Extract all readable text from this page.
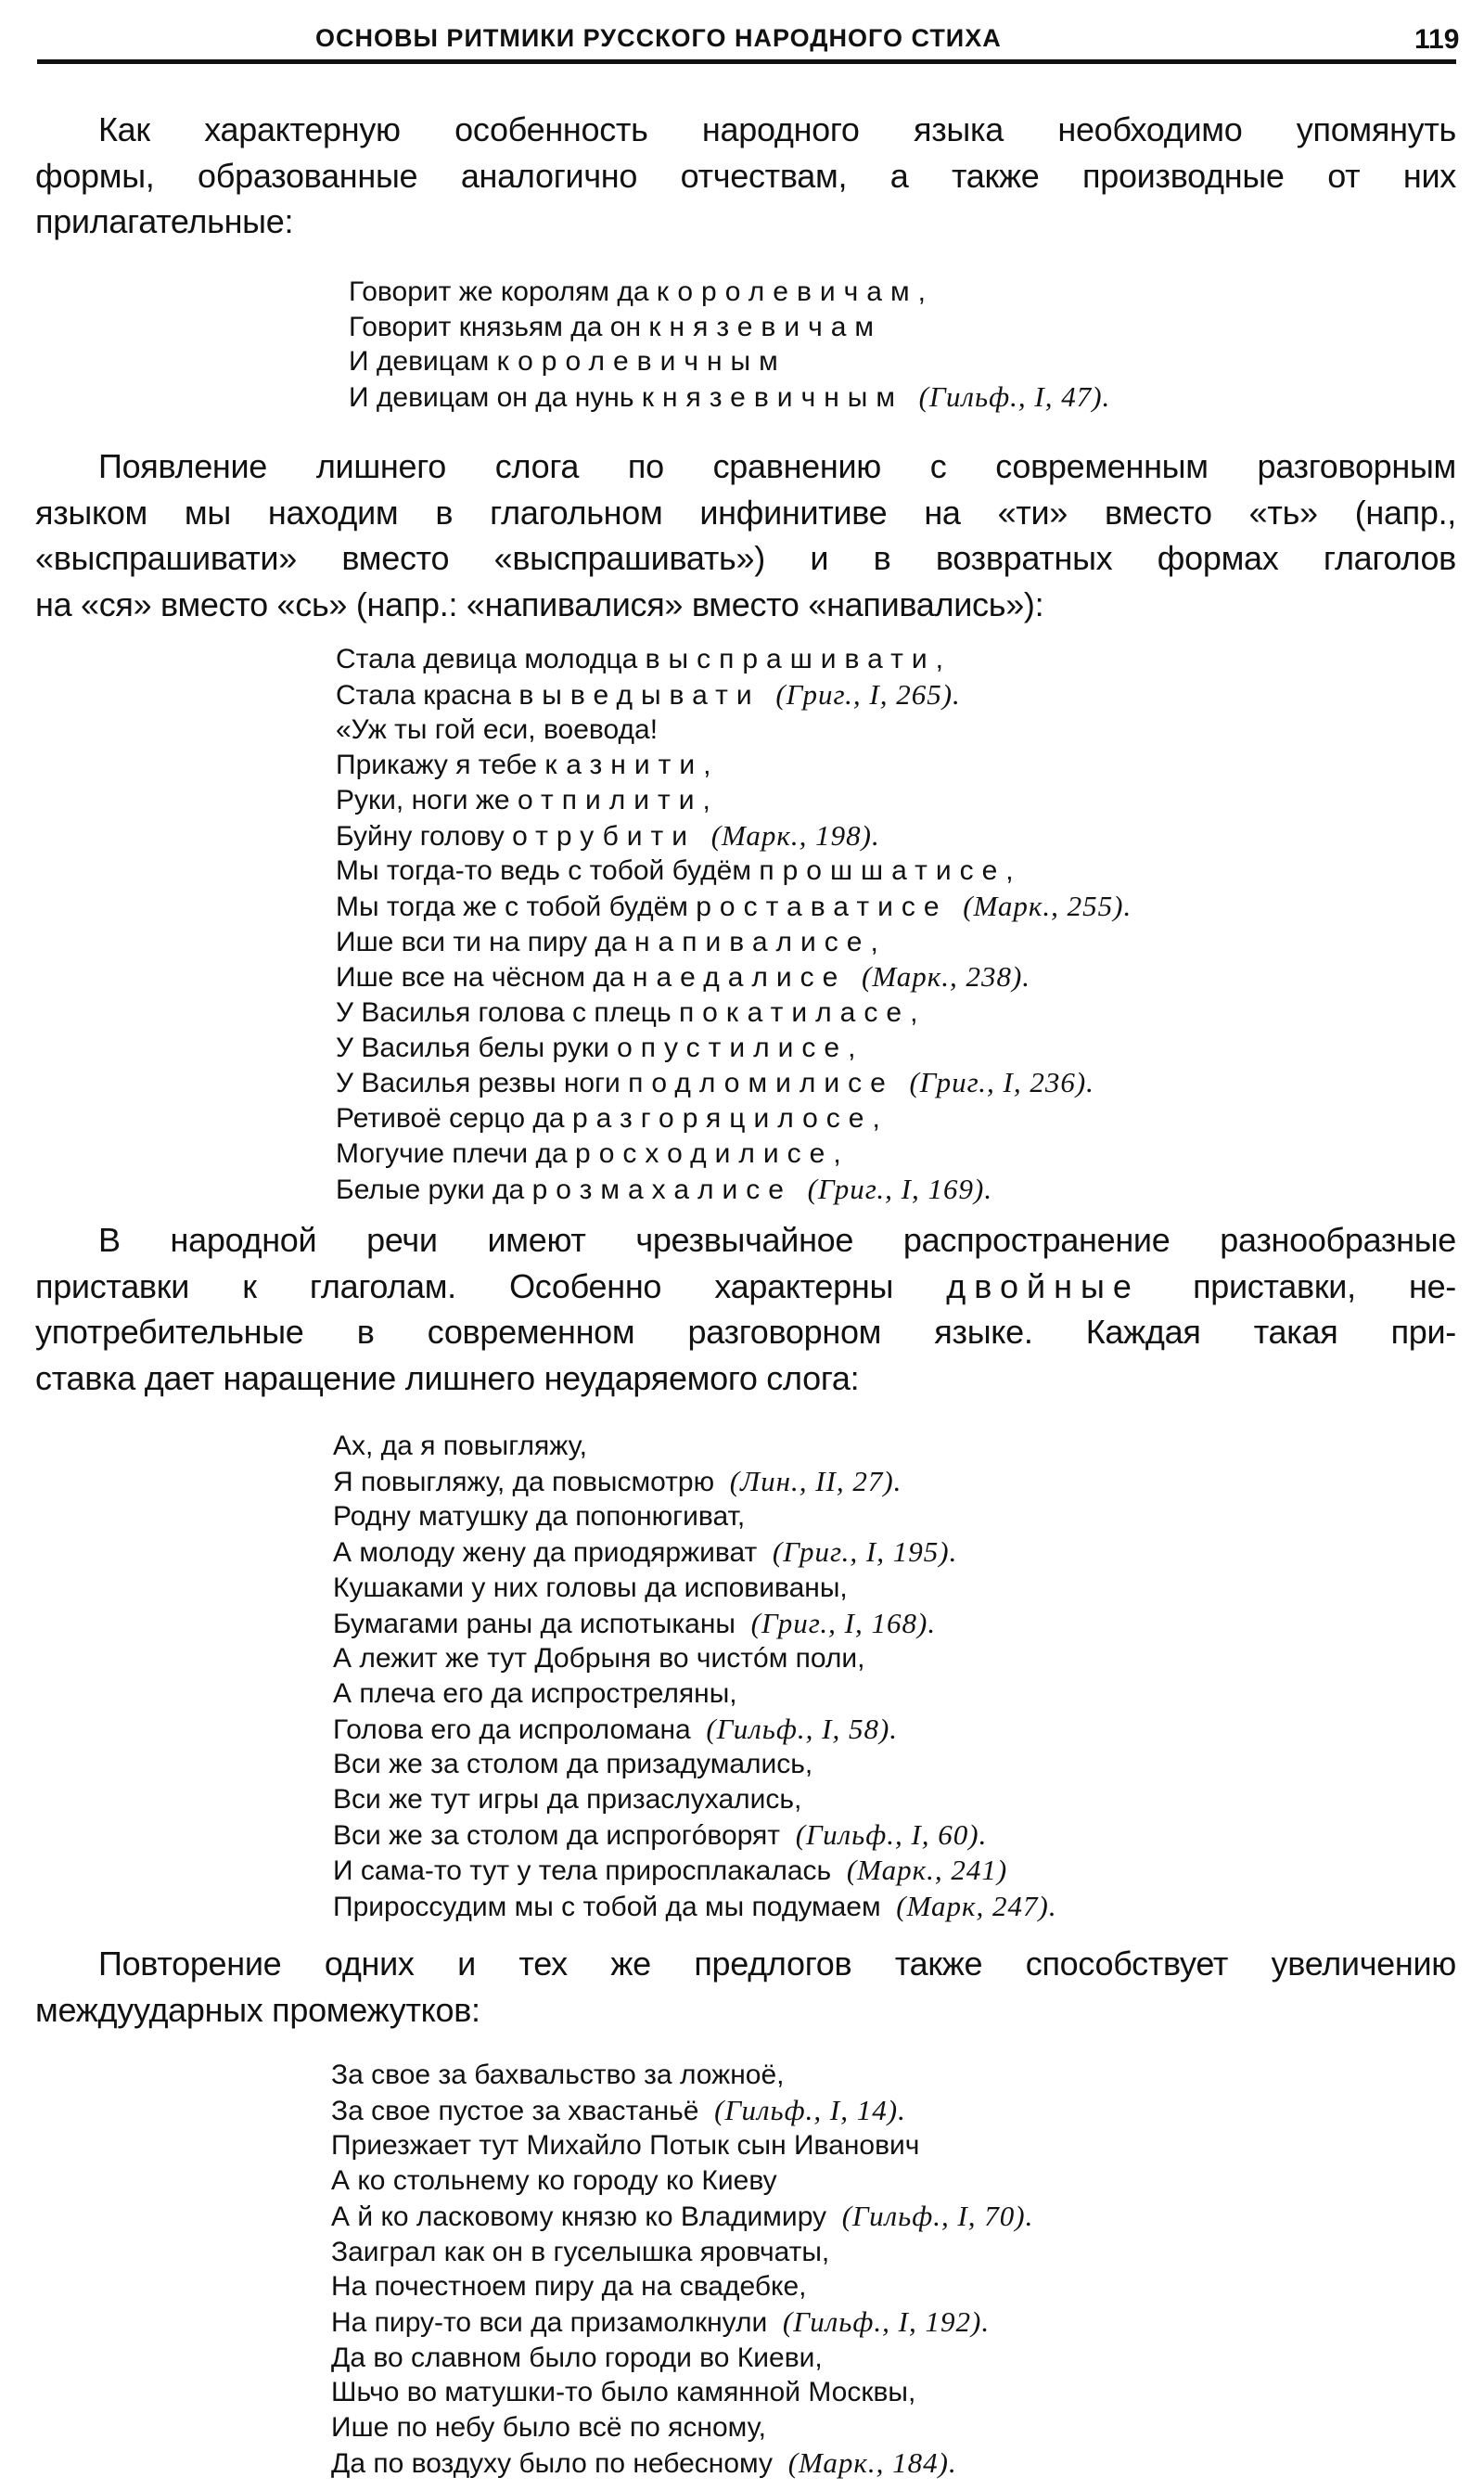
ОСНОВЫ РИТМИКИ РУССКОГО НАРОДНОГО СТИХА	119
Как характерную особенность народного языка необходимо упомянуть
формы, образованные аналогично отчествам, а также производные от них
прилагательные:
Говорит же королям да королевичам,
Говорит князьям да он князевичам
И девицам королевичным
И девицам он да нунь князевичным (Гильф., I, 47).
Появление лишнего слога по сравнению с современным разговорным
языком мы находим в глагольном инфинитиве на «ти» вместо «ть» (напр.,
«выспрашивати» вместо «выспрашивать») и в возвратных формах глаголов
на «ся» вместо «сь» (напр.: «напивалися» вместо «напивались»):
Стала девица молодца выспрашивати,
Стала красна выведывати (Григ., I, 265).
«Уж ты гой еси, воевода!
Прикажу я тебе казнити,
Руки, ноги же отпилити,
Буйну голову отрубити (Марк., 198).
Мы тогда-то ведь с тобой будём прошшатисе,
Мы тогда же с тобой будём роставатисе (Марк., 255).
Ише вси ти на пиру да напивалисе,
Ише все на чёсном да наедалисе (Марк., 238).
У Василья голова с плець покатиласе,
У Василья белы руки опустилисе,
У Василья резвы ноги подломилисе (Григ., I, 236).
Ретивоё серцо да разгоряцилосе,
Могучие плечи да росходилисе,
Белые руки да розмахалисе (Григ., I, 169).
В народной речи имеют чрезвычайное распространение разнообразные
приставки к глаголам. Особенно характерны двойные приставки, не-
употребительные в современном разговорном языке. Каждая такая при-
ставка дает наращение лишнего неударяемого слога:
Ах, да я повыгляжу,
Я повыгляжу, да повысмотрю (Лин., II, 27).
Родну матушку да попонюгиват,
А молоду жену да приодярживат (Григ., I, 195).
Кушаками у них головы да исповиваны,
Бумагами раны да испотыканы (Григ., I, 168).
А лежит же тут Добрыня во чистóм поли,
А плеча его да испростреляны,
Голова его да испроломана (Гильф., I, 58).
Вси же за столом да призадумались,
Вси же тут игры да призаслухались,
Вси же за столом да испрогóворят (Гильф., I, 60).
И сама-то тут у тела приросплакалась (Марк., 241)
Прироссудим мы с тобой да мы подумаем (Марк, 247).
Повторение одних и тех же предлогов также способствует увеличению
междуударных промежутков:
За свое за бахвальство за ложноё,
За свое пустое за хвастаньё (Гильф., I, 14).
Приезжает тут Михайло Потык сын Иванович
А ко стольнему ко городу ко Киеву
А й ко ласковому князю ко Владимиру (Гильф., I, 70).
Заиграл как он в гуселышка яровчаты,
На почестноем пиру да на свадебке,
На пиру-то вси да призамолкнули (Гильф., I, 192).
Да во славном было городи во Киеви,
Шьчо во матушки-то было камянной Москвы,
Ише по небу было всё по ясному,
Да по воздуху было по небесному (Марк., 184).
